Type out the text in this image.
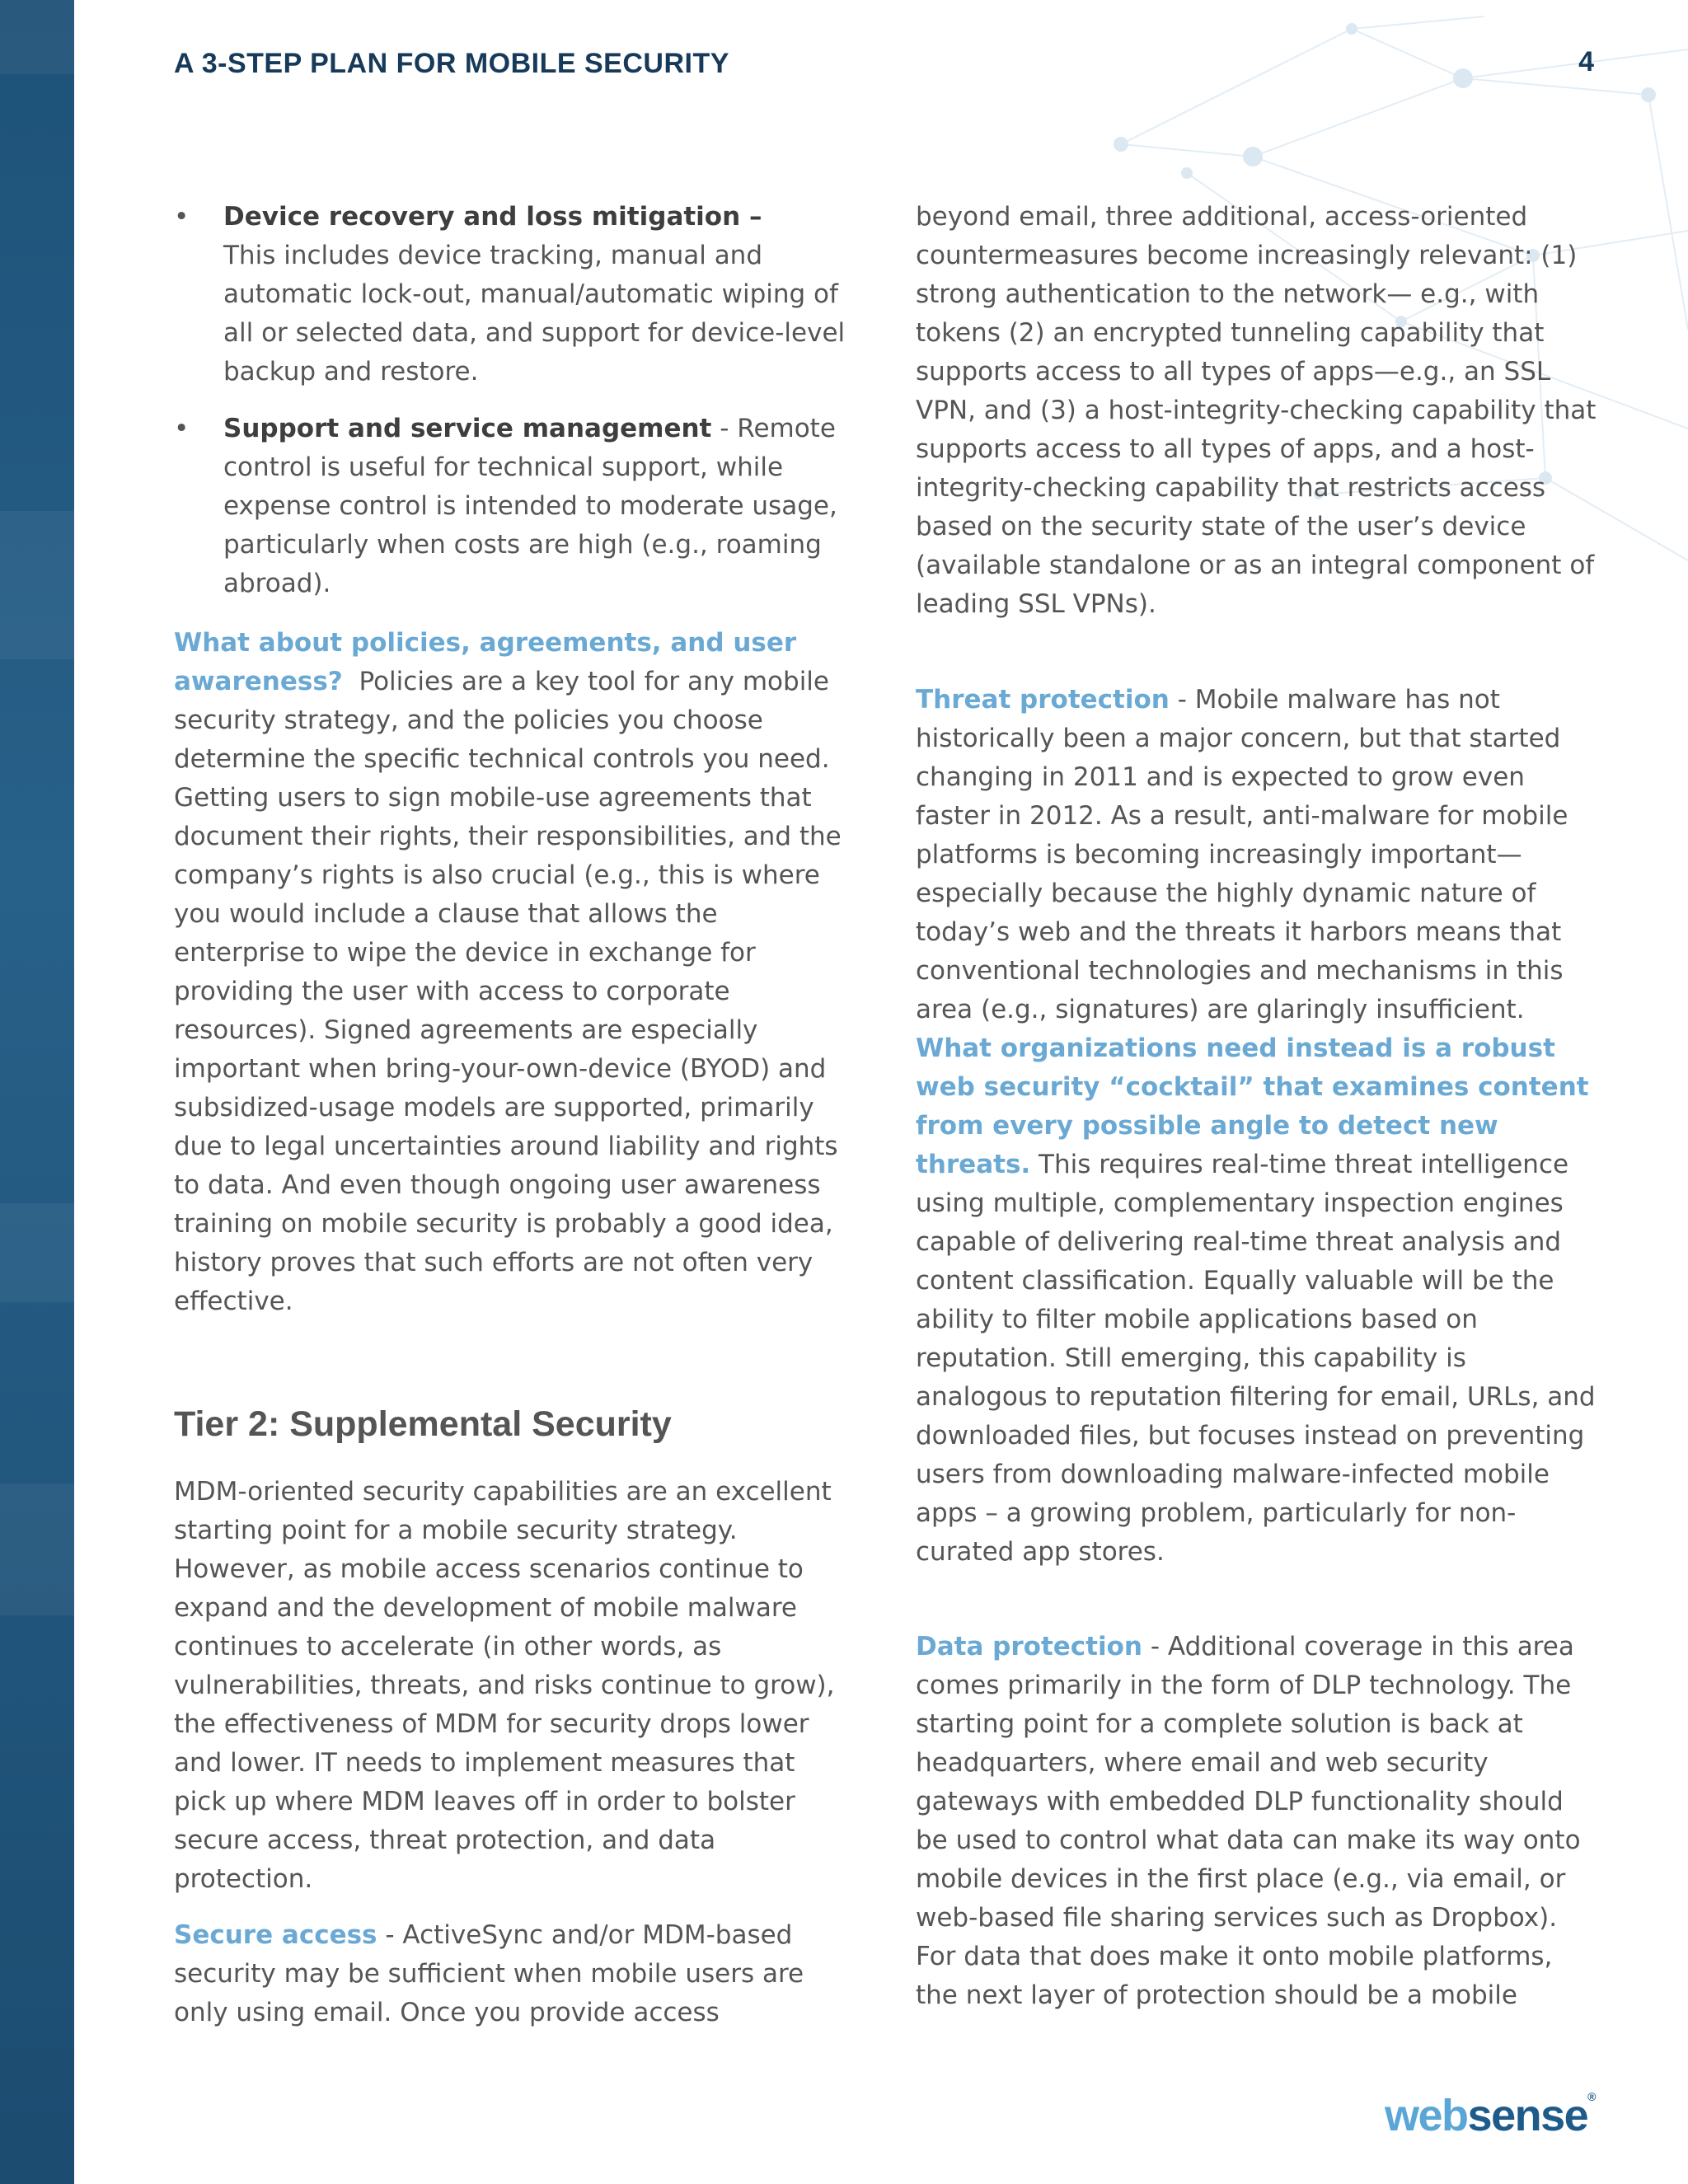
A 3-STEP PLAN FOR MOBILE SECURITY	4
• Device recovery and loss mitigation –
This includes device tracking, manual and automatic lock-out, manual/automatic wiping of all or selected data, and support for device-level backup and restore.
• Support and service management - Remote control is useful for technical support, while expense control is intended to moderate usage, particularly when costs are high (e.g., roaming abroad).

What about policies, agreements, and user awareness? Policies are a key tool for any mobile security strategy, and the policies you choose determine the specific technical controls you need. Getting users to sign mobile-use agreements that document their rights, their responsibilities, and the company’s rights is also crucial (e.g., this is where you would include a clause that allows the enterprise to wipe the device in exchange for providing the user with access to corporate resources). Signed agreements are especially important when bring-your-own-device (BYOD) and subsidized-usage models are supported, primarily due to legal uncertainties around liability and rights to data. And even though ongoing user awareness training on mobile security is probably a good idea, history proves that such efforts are not often very effective.

MDM-oriented security capabilities are an excellent starting point for a mobile security strategy. However, as mobile access scenarios continue to expand and the development of mobile malware continues to accelerate (in other words, as vulnerabilities, threats, and risks continue to grow), the effectiveness of MDM for security drops lower and lower. IT needs to implement measures that pick up where MDM leaves off in order to bolster secure access, threat protection, and data protection.

Secure access - ActiveSync and/or MDM-based security may be sufficient when mobile users are only using email. Once you provide access

Tier 2: Supplemental Security

beyond email, three additional, access-oriented countermeasures become increasingly relevant: (1) strong authentication to the network— e.g., with tokens (2) an encrypted tunneling capability that supports access to all types of apps—e.g., an SSL VPN, and (3) a host-integrity-checking capability that supports access to all types of apps, and a host-integrity-checking capability that restricts access based on the security state of the user’s device (available standalone or as an integral component of leading SSL VPNs).

Threat protection - Mobile malware has not historically been a major concern, but that started changing in 2011 and is expected to grow even faster in 2012. As a result, anti-malware for mobile platforms is becoming increasingly important—especially because the highly dynamic nature of today’s web and the threats it harbors means that conventional technologies and mechanisms in this area (e.g., signatures) are glaringly insufficient. What organizations need instead is a robust web security “cocktail” that examines content from every possible angle to detect new threats. This requires real-time threat intelligence using multiple, complementary inspection engines capable of delivering real-time threat analysis and content classification. Equally valuable will be the ability to filter mobile applications based on reputation. Still emerging, this capability is analogous to reputation filtering for email, URLs, and downloaded files, but focuses instead on preventing users from downloading malware-infected mobile apps – a growing problem, particularly for non-curated app stores.

Data protection - Additional coverage in this area comes primarily in the form of DLP technology. The starting point for a complete solution is back at headquarters, where email and web security gateways with embedded DLP functionality should be used to control what data can make its way onto mobile devices in the first place (e.g., via email, or web-based file sharing services such as Dropbox). For data that does make it onto mobile platforms, the next layer of protection should be a mobile

websense®
